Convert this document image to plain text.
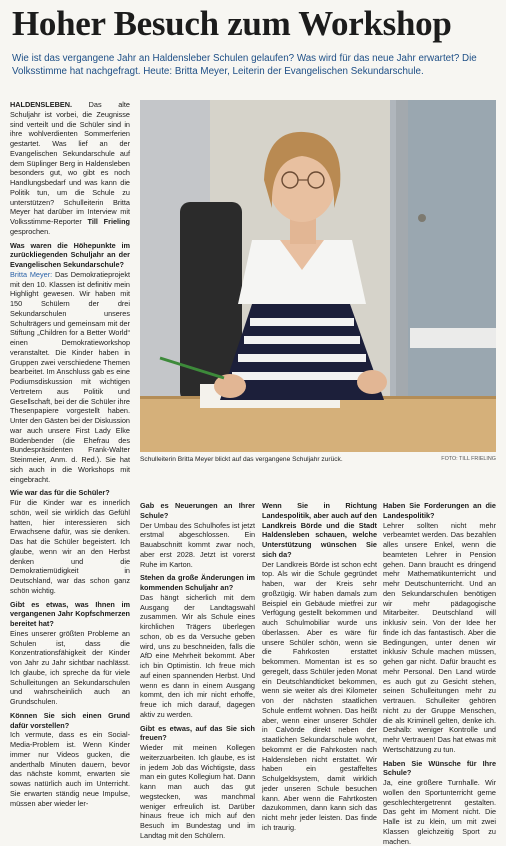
Hoher Besuch zum Workshop
Wie ist das vergangene Jahr an Haldensleber Schulen gelaufen? Was wird für das neue Jahr erwartet? Die Volksstimme hat nachgefragt. Heute: Britta Meyer, Leiterin der Evangelischen Sekundarschule.

HALDENSLEBEN. Das alte Schuljahr ist vorbei, die Zeugnisse sind verteilt und die Schüler sind in ihre wohlverdienten Sommerferien gestartet. Was lief an der Evangelischen Sekundarschule auf dem Süplinger Berg in Haldensleben besonders gut, wo gibt es noch Handlungsbedarf und was kann die Politik tun, um die Schule zu unterstützen? Schulleiterin Britta Meyer hat darüber im Interview mit Volksstimme-Reporter Till Frieling gesprochen.

Was waren die Höhepunkte im zurückliegenden Schuljahr an der Evangelischen Sekundarschule?

Britta Meyer: Das Demokratieprojekt mit den 10. Klassen ist definitiv mein Highlight gewesen. Wir haben mit 150 Schülern der drei Sekundarschulen unseres Schulträgers und gemeinsam mit der Stiftung „Children for a Better World“ einen Demokratieworkshop veranstaltet. Die Kinder haben in Gruppen zwei verschiedene Themen bearbeitet. Im Anschluss gab es eine Podiumsdiskussion mit wichtigen Vertretern aus Politik und Gesellschaft, bei der die Schüler ihre Thesenpapiere vorgestellt haben. Unter den Gästen bei der Diskussion war auch unsere First Lady Elke Büdenbender (die Ehefrau des Bundespräsidenten Frank-Walter Steinmeier, Anm. d. Red.). Sie hat sich auch in die Workshops mit eingebracht.

Wie war das für die Schüler?

Für die Kinder war es innerlich schön, weil sie wirklich das Gefühl hatten, hier interessieren sich Erwachsene dafür, was sie denken. Das hat die Schüler begeistert. Ich glaube, wenn wir an den Herbst denken und die Demokratiemüdigkeit in Deutschland, war das schon ganz schön wichtig.

Gibt es etwas, was Ihnen im vergangenen Jahr Kopfschmerzen bereitet hat?

Eines unserer größten Probleme an Schulen ist, dass die Konzentrationsfähigkeit der Kinder von Jahr zu Jahr sichtbar nachlässt. Ich glaube, ich spreche da für viele Schulleitungen an Sekundarschulen und wahrscheinlich auch an Grundschulen.

Können Sie sich einen Grund dafür vorstellen?

Ich vermute, dass es ein Social-Media-Problem ist. Wenn Kinder immer nur Videos gucken, die anderthalb Minuten dauern, bevor das nächste kommt, erwarten sie sowas natürlich auch im Unterricht. Sie erwarten ständig neue Impulse, müssen aber wieder ler-

Schulleiterin Britta Meyer blickt auf das vergangene Schuljahr zurück.	FOTO: TILL FRIELING

Gab es Neuerungen an Ihrer Schule?

Der Umbau des Schulhofes ist jetzt erstmal abgeschlossen. Ein Bauabschnitt kommt zwar noch, aber erst 2028. Jetzt ist vorerst Ruhe im Karton.

Stehen da große Änderungen im kommenden Schuljahr an?

Das hängt sicherlich mit dem Ausgang der Landtagswahl zusammen. Wir als Schule eines kirchlichen Trägers überlegen schon, ob es da Versuche geben wird, uns zu beschneiden, falls die AfD eine Mehrheit bekommt. Aber ich bin Optimistin. Ich freue mich auf einen spannenden Herbst. Und wenn es dann in einem Ausgang kommt, den ich mir nicht erhoffe, freue ich mich darauf, dagegen aktiv zu werden.

Gibt es etwas, auf das Sie sich freuen?

Wieder mit meinen Kollegen weiterzuarbeiten. Ich glaube, es ist in jedem Job das Wichtigste, dass man ein gutes Kollegium hat. Dann kann man auch das gut wegstecken, was manchmal weniger erfreulich ist. Darüber hinaus freue ich mich auf den Besuch im Bundestag und im Landtag mit den Schülern.

Wenn Sie in Richtung Landespolitik, aber auch auf den Landkreis Börde und die Stadt Haldensleben schauen, welche Unterstützung wünschen Sie sich da?

Der Landkreis Börde ist schon echt top. Als wir die Schule gegründet haben, war der Kreis sehr großzügig. Wir haben damals zum Beispiel ein Gebäude mietfrei zur Verfügung gestellt bekommen und auch Schulmobiliar wurde uns überlassen. Aber es wäre für unsere Schüler schön, wenn sie die Fahrkosten erstattet bekommen. Momentan ist es so geregelt, dass Schüler jeden Monat ein Deutschlandticket bekommen, wenn sie weiter als drei Kilometer von der nächsten staatlichen Schule entfernt wohnen. Das heißt aber, wenn einer unserer Schüler in Calvörde direkt neben der staatlichen Sekundarschule wohnt, bekommt er die Fahrkosten nach Haldensleben nicht erstattet. Wir haben ein gestaffeltes Schulgeldsystem, damit wirklich jeder unseren Schule besuchen kann. Aber wenn die Fahrtkosten dazukommen, dann kann sich das nicht mehr jeder leisten. Das finde ich traurig.

Haben Sie Forderungen an die Landespolitik?

Lehrer sollten nicht mehr verbeamtet werden. Das bezahlen alles unsere Enkel, wenn die beamteten Lehrer in Pension gehen. Dann braucht es dringend mehr Mathematikunterricht und mehr Deutschunterricht. Und an den Sekundarschulen benötigen wir mehr pädagogische Mitarbeiter. Deutschland will inklusiv sein. Von der Idee her finde ich das fantastisch. Aber die Bedingungen, unter denen wir inklusiv Schule machen müssen, gehen gar nicht. Dafür braucht es mehr Personal. Den Land würde es auch gut zu Gesicht stehen, seinen Schulleitungen mehr zu vertrauen. Schulleiter gehören nicht zu der Gruppe Menschen, die als Kriminell gelten, denke ich. Deshalb: weniger Kontrolle und mehr Vertrauen! Das hat etwas mit Wertschätzung zu tun.

Haben Sie Wünsche für Ihre Schule?

Ja, eine größere Turnhalle. Wir wollen den Sportunterricht gerne geschlechtergetrennt gestalten. Das geht im Moment nicht. Die Halle ist zu klein, um mit zwei Klassen gleichzeitig Sport zu machen.
